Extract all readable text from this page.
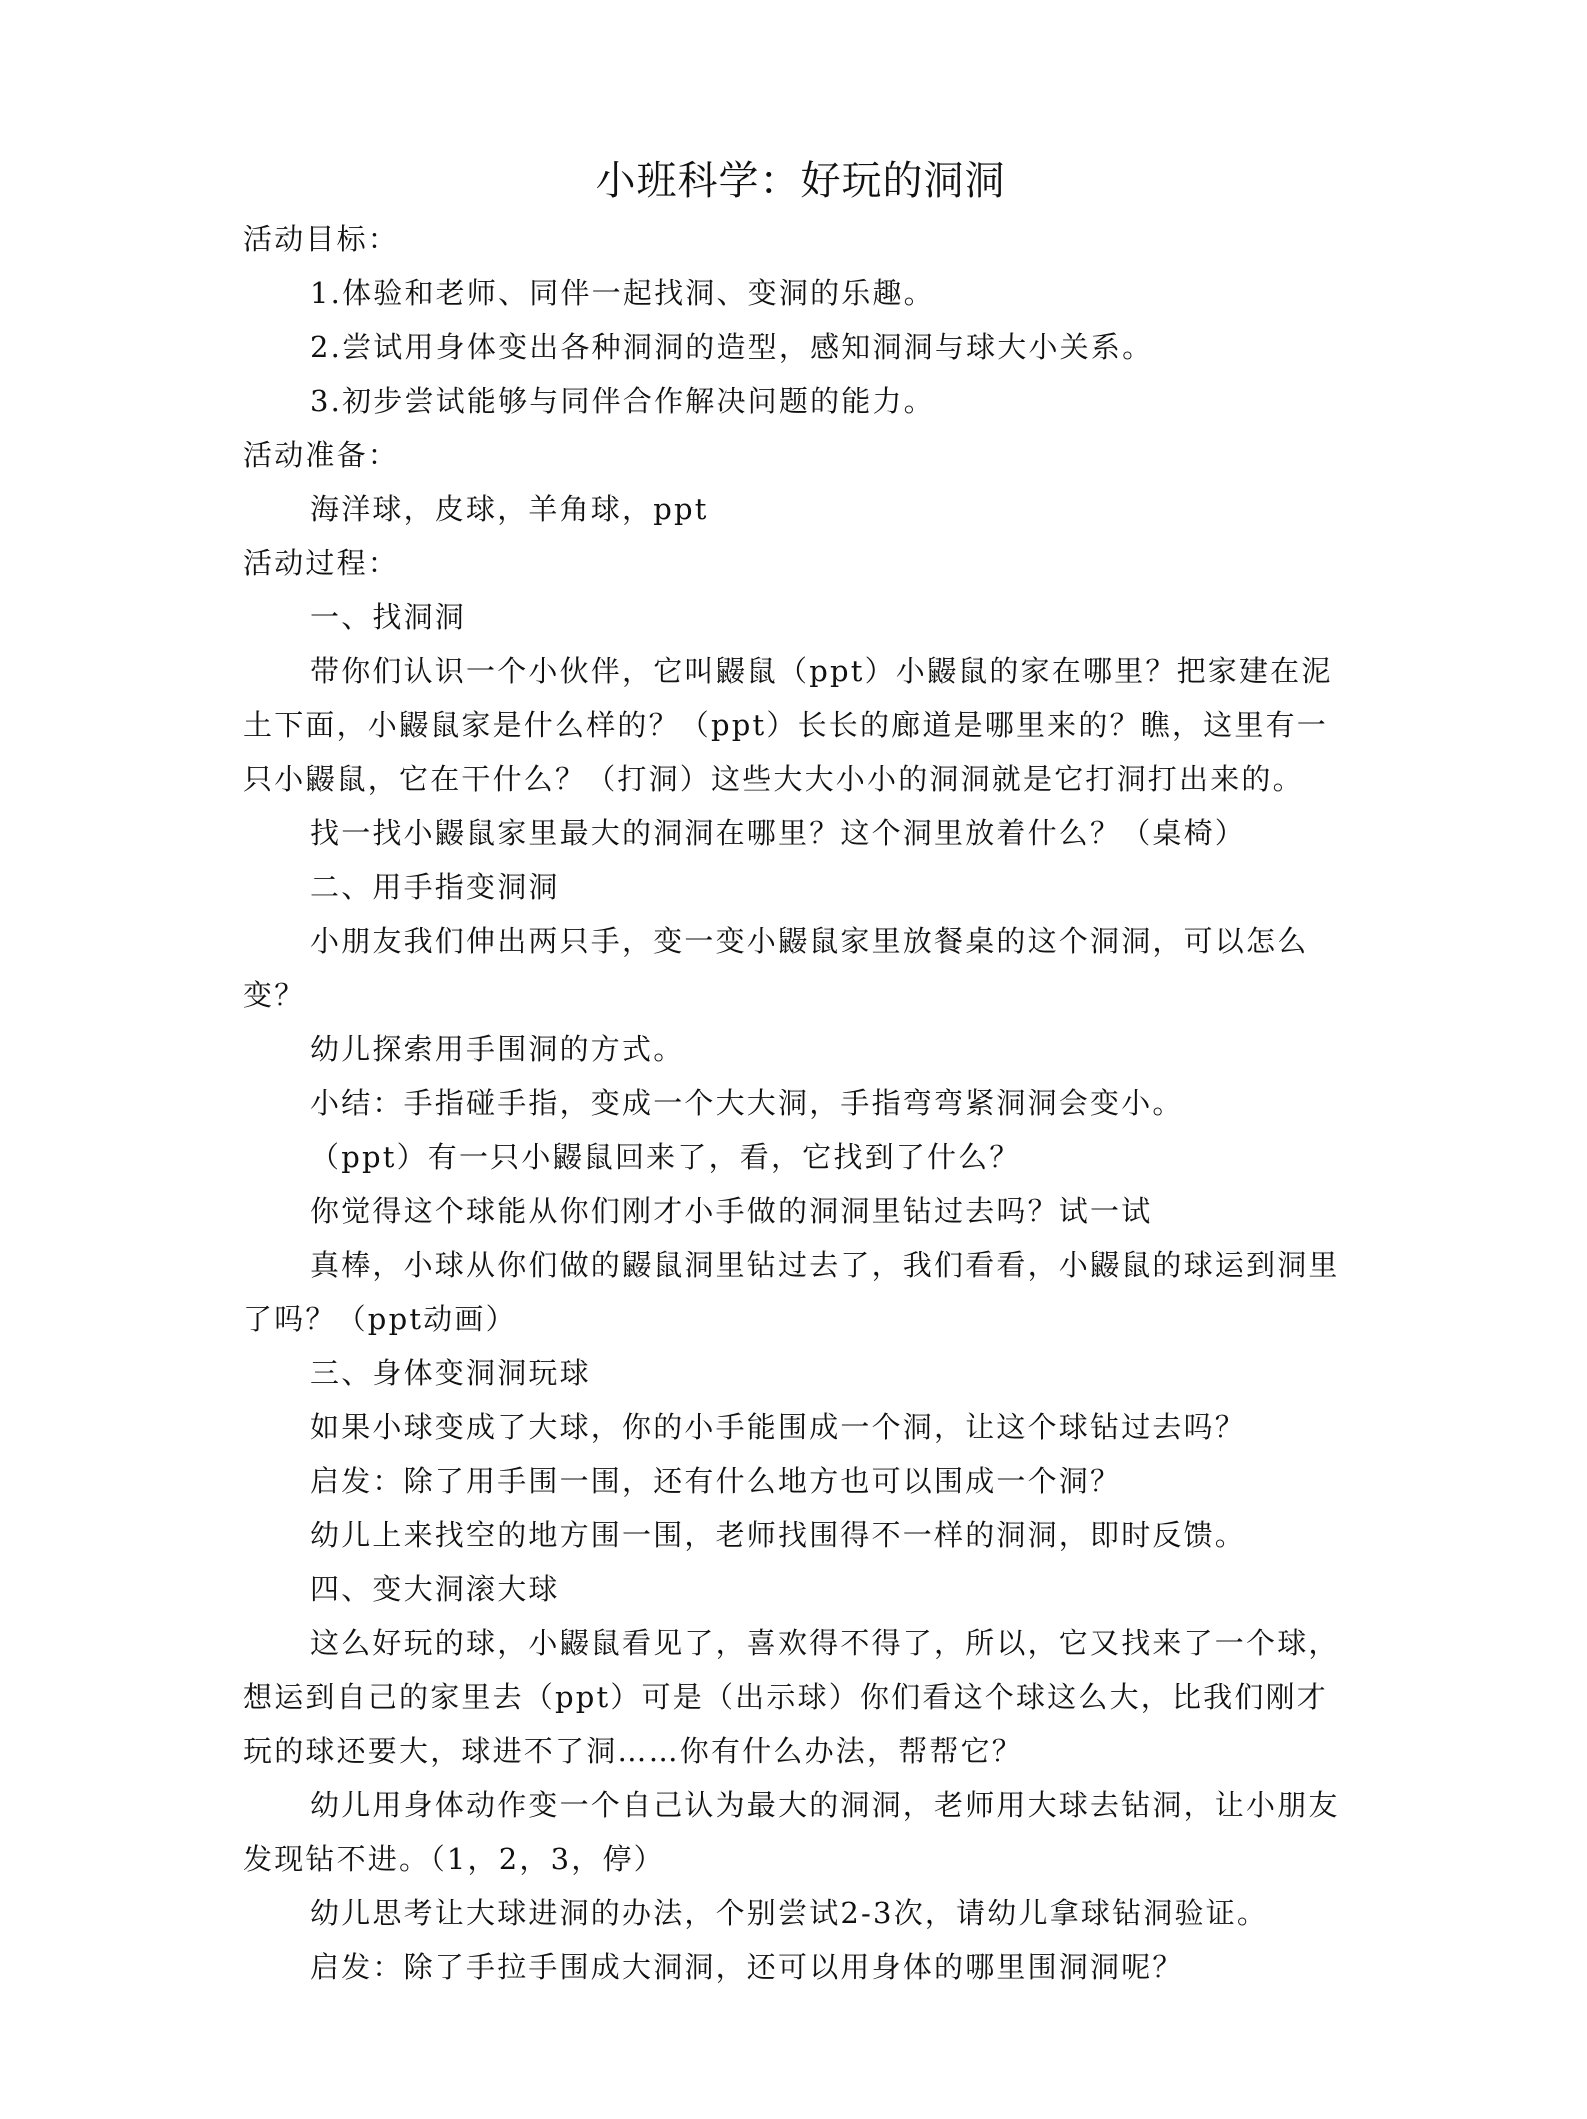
小班科学：好玩的洞洞

活动目标：

1.体验和老师、同伴一起找洞、变洞的乐趣。

2.尝试用身体变出各种洞洞的造型，感知洞洞与球大小关系。

3.初步尝试能够与同伴合作解决问题的能力。

活动准备：

海洋球，皮球，羊角球，ppt

活动过程：

一、找洞洞

带你们认识一个小伙伴，它叫鼹鼠（ppt）小鼹鼠的家在哪里？把家建在泥土下面，小鼹鼠家是什么样的？（ppt）长长的廊道是哪里来的？瞧，这里有一只小鼹鼠，它在干什么？（打洞）这些大大小小的洞洞就是它打洞打出来的。

找一找小鼹鼠家里最大的洞洞在哪里？这个洞里放着什么？（桌椅）

二、用手指变洞洞

小朋友我们伸出两只手，变一变小鼹鼠家里放餐桌的这个洞洞，可以怎么变？

幼儿探索用手围洞的方式。

小结：手指碰手指，变成一个大大洞，手指弯弯紧洞洞会变小。

（ppt）有一只小鼹鼠回来了，看，它找到了什么？

你觉得这个球能从你们刚才小手做的洞洞里钻过去吗？试一试

真棒，小球从你们做的鼹鼠洞里钻过去了，我们看看，小鼹鼠的球运到洞里了吗？（ppt动画）

三、身体变洞洞玩球

如果小球变成了大球，你的小手能围成一个洞，让这个球钻过去吗？

启发：除了用手围一围，还有什么地方也可以围成一个洞？

幼儿上来找空的地方围一围，老师找围得不一样的洞洞，即时反馈。

四、变大洞滚大球

这么好玩的球，小鼹鼠看见了，喜欢得不得了，所以，它又找来了一个球，想运到自己的家里去（ppt）可是（出示球）你们看这个球这么大，比我们刚才玩的球还要大，球进不了洞……你有什么办法，帮帮它？

幼儿用身体动作变一个自己认为最大的洞洞，老师用大球去钻洞，让小朋友发现钻不进。（1，2，3，停）

幼儿思考让大球进洞的办法，个别尝试2-3次，请幼儿拿球钻洞验证。

启发：除了手拉手围成大洞洞，还可以用身体的哪里围洞洞呢？
